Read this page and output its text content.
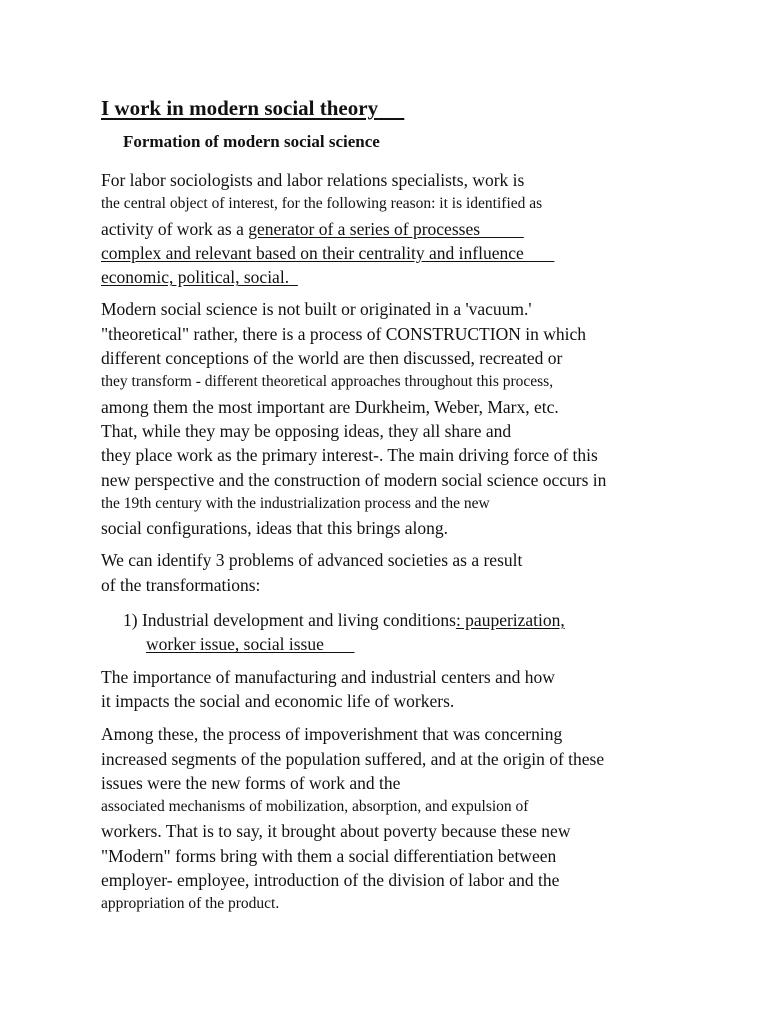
I work in modern social theory
Formation of modern social science
For labor sociologists and labor relations specialists, work is
the central object of interest, for the following reason: it is identified as
activity of work as a generator of a series of processes
complex and relevant based on their centrality and influence
economic, political, social.
Modern social science is not built or originated in a 'vacuum.'
"theoretical" rather, there is a process of CONSTRUCTION in which
different conceptions of the world are then discussed, recreated or
they transform - different theoretical approaches throughout this process,
among them the most important are Durkheim, Weber, Marx, etc.
That, while they may be opposing ideas, they all share and
they place work as the primary interest-. The main driving force of this
new perspective and the construction of modern social science occurs in
the 19th century with the industrialization process and the new
social configurations, ideas that this brings along.
We can identify 3 problems of advanced societies as a result
of the transformations:
1) Industrial development and living conditions: pauperization,
worker issue, social issue
The importance of manufacturing and industrial centers and how
it impacts the social and economic life of workers.
Among these, the process of impoverishment that was concerning
increased segments of the population suffered, and at the origin of these
issues were the new forms of work and the
associated mechanisms of mobilization, absorption, and expulsion of
workers. That is to say, it brought about poverty because these new
"Modern" forms bring with them a social differentiation between
employer- employee, introduction of the division of labor and the
appropriation of the product.
